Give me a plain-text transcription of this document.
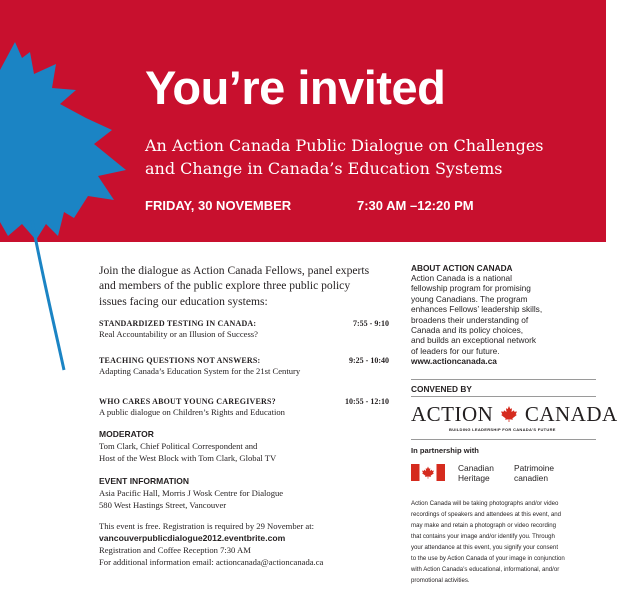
You’re invited
An Action Canada Public Dialogue on Challenges
and Change in Canada’s Education Systems
FRIDAY, 30 NOVEMBER	7:30 AM –12:20 PM
Join the dialogue as Action Canada Fellows, panel experts
and members of the public explore three public policy
issues facing our education systems:
STANDARDIZED TESTING IN CANADA:	7:55 - 9:10
Real Accountability or an Illusion of Success?
TEACHING QUESTIONS NOT ANSWERS:	9:25 - 10:40
Adapting Canada’s Education System for the 21st Century
WHO CARES ABOUT YOUNG CAREGIVERS?	10:55 - 12:10
A public dialogue on Children’s Rights and Education
MODERATOR
Tom Clark, Chief Political Correspondent and
Host of the West Block with Tom Clark, Global TV
EVENT INFORMATION
Asia Pacific Hall, Morris J Wosk Centre for Dialogue
580 West Hastings Street, Vancouver
This event is free. Registration is required by 29 November at:
vancouverpublicdialogue2012.eventbrite.com
Registration and Coffee Reception 7:30 AM
For additional information email: actioncanada@actioncanada.ca
ABOUT ACTION CANADA
Action Canada is a national
fellowship program for promising
young Canadians. The program
enhances Fellows’ leadership skills,
broadens their understanding of
Canada and its policy choices,
and builds an exceptional network
of leaders for our future.
www.actioncanada.ca
CONVENED BY
ACTION CANADA
BUILDING LEADERSHIP FOR CANADA’S FUTURE
In partnership with
Canadian
Heritage
Patrimoine
canadien
Action Canada will be taking photographs and/or video
recordings of speakers and attendees at this event, and
may make and retain a photograph or video recording
that contains your image and/or identify you. Through
your attendance at this event, you signify your consent
to the use by Action Canada of your image in conjunction
with Action Canada’s educational, informational, and/or
promotional activities.
